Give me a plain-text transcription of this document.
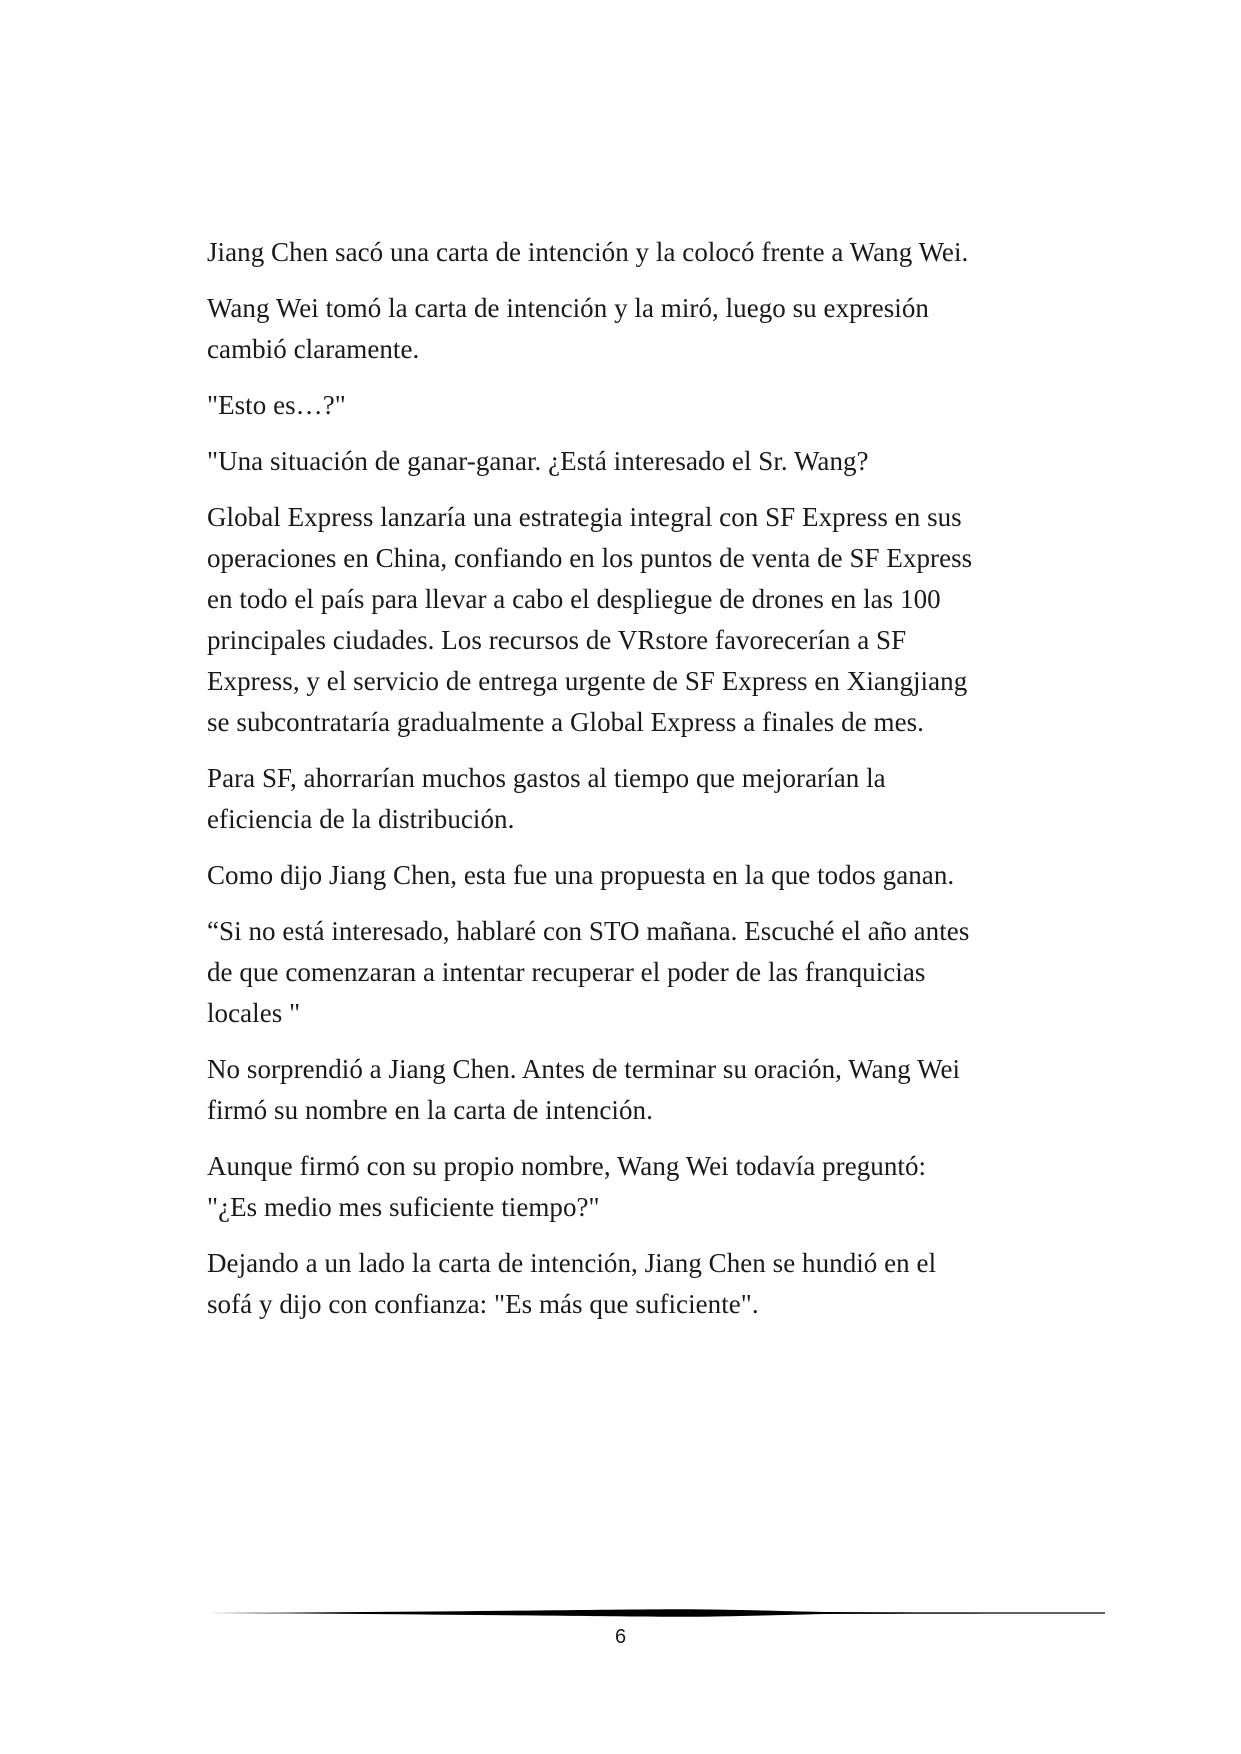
Jiang Chen sacó una carta de intención y la colocó frente a Wang Wei.

Wang Wei tomó la carta de intención y la miró, luego su expresión
cambió claramente.

"Esto es…?"

"Una situación de ganar-ganar. ¿Está interesado el Sr. Wang?

Global Express lanzaría una estrategia integral con SF Express en sus
operaciones en China, confiando en los puntos de venta de SF Express
en todo el país para llevar a cabo el despliegue de drones en las 100
principales ciudades. Los recursos de VRstore favorecerían a SF
Express, y el servicio de entrega urgente de SF Express en Xiangjiang
se subcontrataría gradualmente a Global Express a finales de mes.

Para SF, ahorrarían muchos gastos al tiempo que mejorarían la
eficiencia de la distribución.

Como dijo Jiang Chen, esta fue una propuesta en la que todos ganan.

“Si no está interesado, hablaré con STO mañana. Escuché el año antes
de que comenzaran a intentar recuperar el poder de las franquicias
locales "

No sorprendió a Jiang Chen. Antes de terminar su oración, Wang Wei
firmó su nombre en la carta de intención.

Aunque firmó con su propio nombre, Wang Wei todavía preguntó:
"¿Es medio mes suficiente tiempo?"

Dejando a un lado la carta de intención, Jiang Chen se hundió en el
sofá y dijo con confianza: "Es más que suficiente".

6
